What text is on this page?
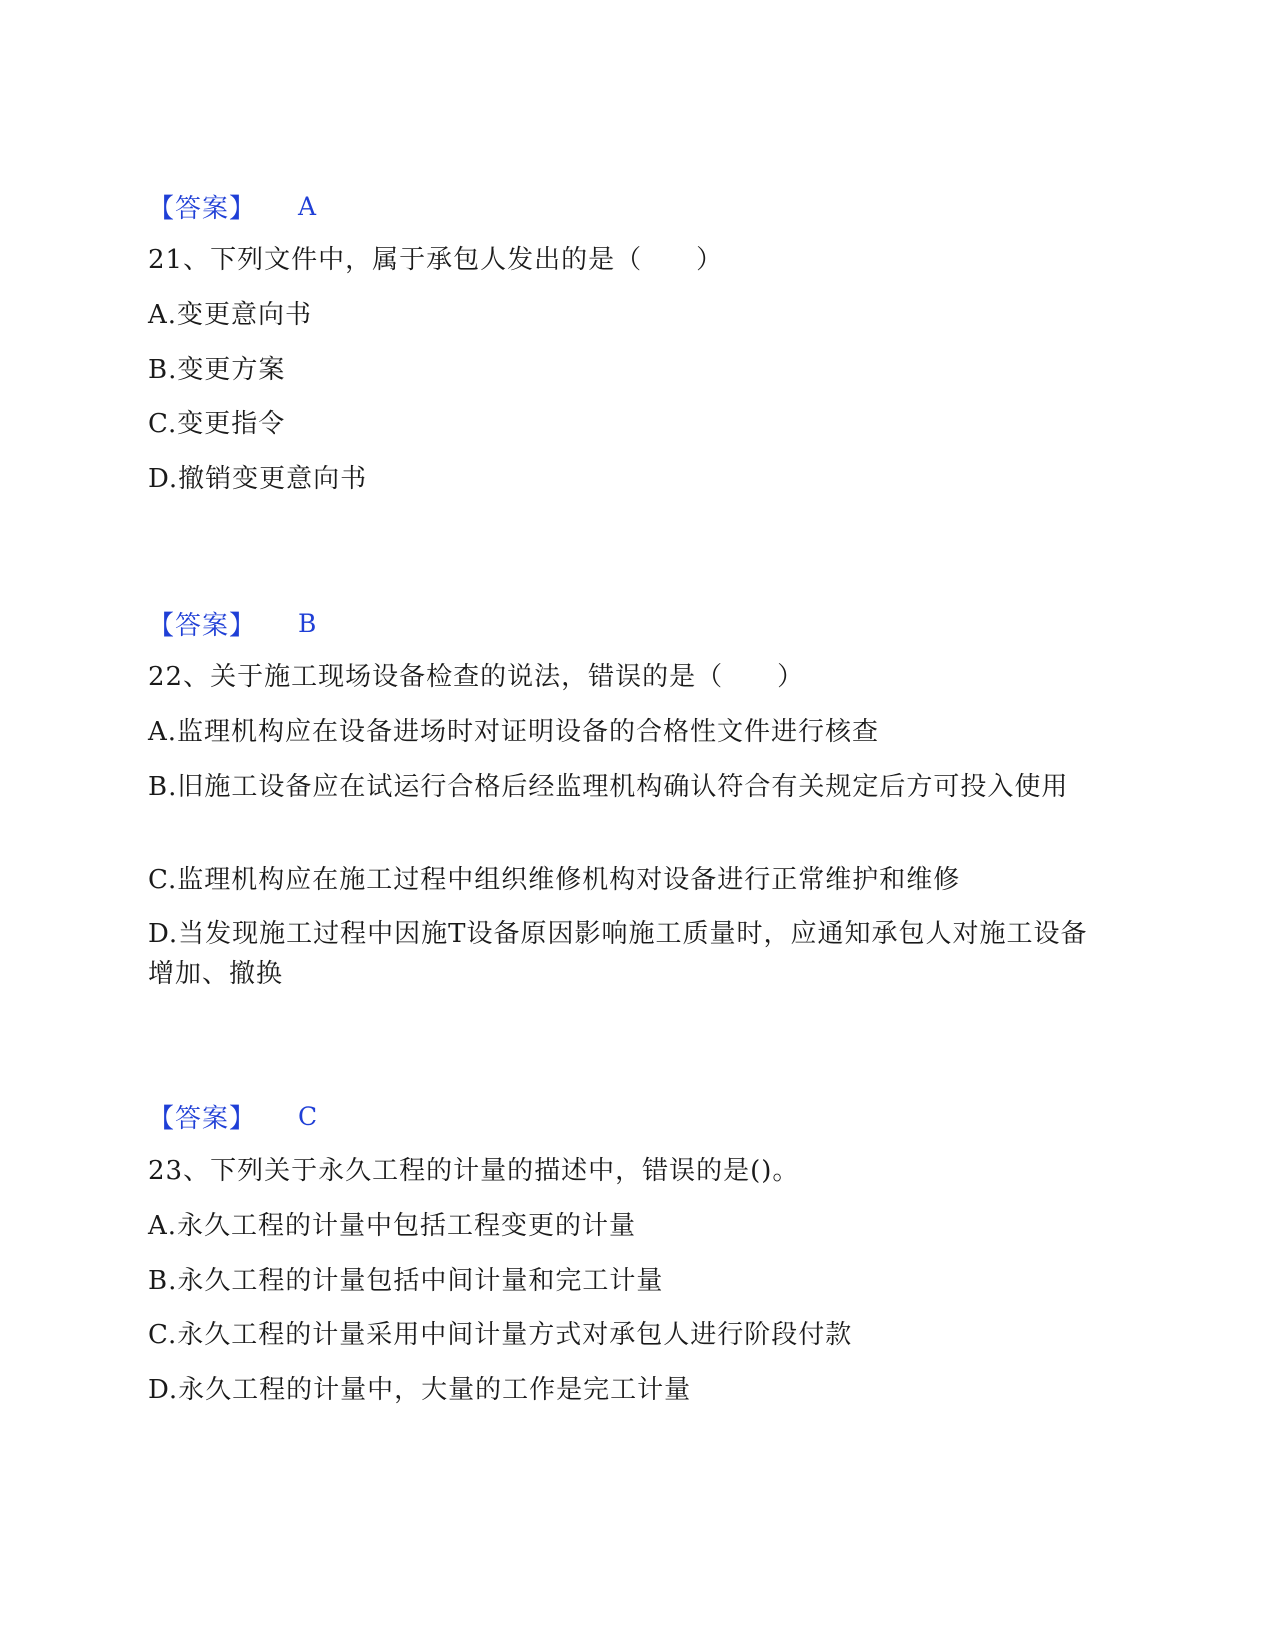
【答案】	A
21、下列文件中，属于承包人发出的是（　　）
A.变更意向书
B.变更方案
C.变更指令
D.撤销变更意向书
【答案】	B
22、关于施工现场设备检查的说法，错误的是（　　）
A.监理机构应在设备进场时对证明设备的合格性文件进行核查
B.旧施工设备应在试运行合格后经监理机构确认符合有关规定后方可投入使用
C.监理机构应在施工过程中组织维修机构对设备进行正常维护和维修
D.当发现施工过程中因施T设备原因影响施工质量时，应通知承包人对施工设备增加、撤换
【答案】	C
23、下列关于永久工程的计量的描述中，错误的是()。
A.永久工程的计量中包括工程变更的计量
B.永久工程的计量包括中间计量和完工计量
C.永久工程的计量采用中间计量方式对承包人进行阶段付款
D.永久工程的计量中，大量的工作是完工计量
